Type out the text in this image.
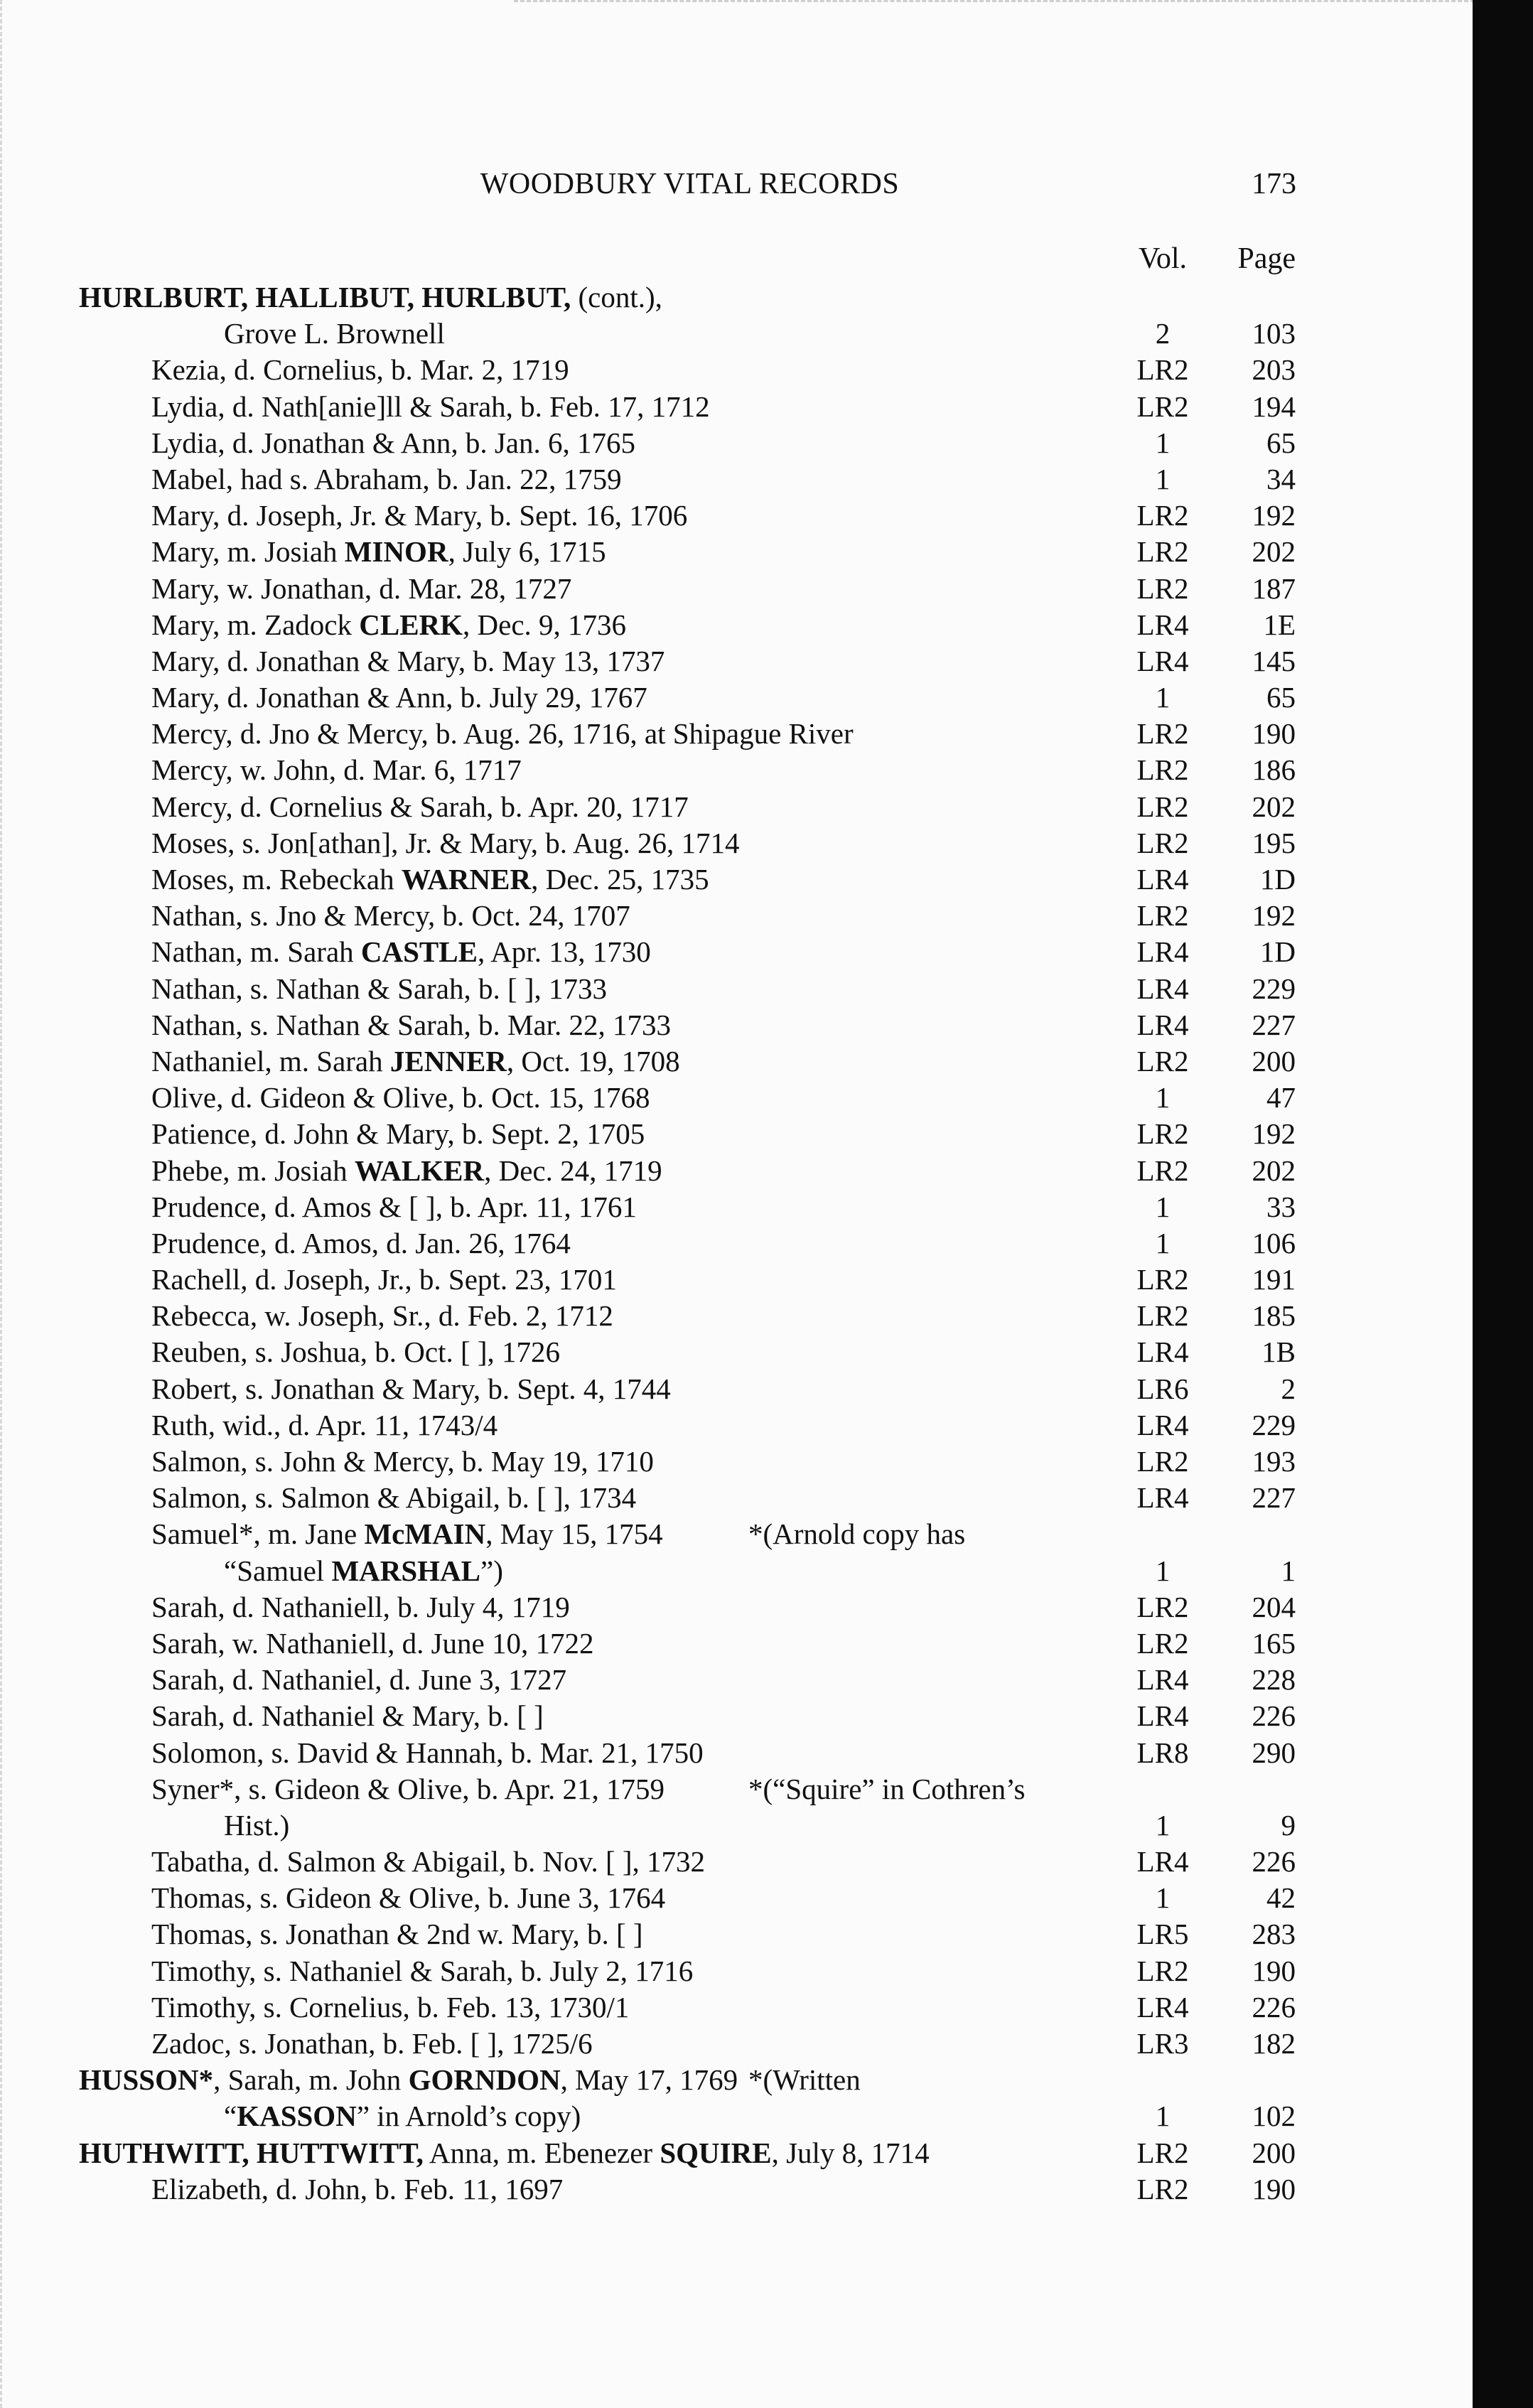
WOODBURY VITAL RECORDS	173
Vol.	Page
HURLBURT, HALLIBUT, HURLBUT, (cont.),
Grove L. Brownell	2	103
Kezia, d. Cornelius, b. Mar. 2, 1719	LR2	203
Lydia, d. Nath[anie]ll & Sarah, b. Feb. 17, 1712	LR2	194
Lydia, d. Jonathan & Ann, b. Jan. 6, 1765	1	65
Mabel, had s. Abraham, b. Jan. 22, 1759	1	34
Mary, d. Joseph, Jr. & Mary, b. Sept. 16, 1706	LR2	192
Mary, m. Josiah MINOR, July 6, 1715	LR2	202
Mary, w. Jonathan, d. Mar. 28, 1727	LR2	187
Mary, m. Zadock CLERK, Dec. 9, 1736	LR4	1E
Mary, d. Jonathan & Mary, b. May 13, 1737	LR4	145
Mary, d. Jonathan & Ann, b. July 29, 1767	1	65
Mercy, d. Jno & Mercy, b. Aug. 26, 1716, at Shipague River	LR2	190
Mercy, w. John, d. Mar. 6, 1717	LR2	186
Mercy, d. Cornelius & Sarah, b. Apr. 20, 1717	LR2	202
Moses, s. Jon[athan], Jr. & Mary, b. Aug. 26, 1714	LR2	195
Moses, m. Rebeckah WARNER, Dec. 25, 1735	LR4	1D
Nathan, s. Jno & Mercy, b. Oct. 24, 1707	LR2	192
Nathan, m. Sarah CASTLE, Apr. 13, 1730	LR4	1D
Nathan, s. Nathan & Sarah, b. [ ], 1733	LR4	229
Nathan, s. Nathan & Sarah, b. Mar. 22, 1733	LR4	227
Nathaniel, m. Sarah JENNER, Oct. 19, 1708	LR2	200
Olive, d. Gideon & Olive, b. Oct. 15, 1768	1	47
Patience, d. John & Mary, b. Sept. 2, 1705	LR2	192
Phebe, m. Josiah WALKER, Dec. 24, 1719	LR2	202
Prudence, d. Amos & [ ], b. Apr. 11, 1761	1	33
Prudence, d. Amos, d. Jan. 26, 1764	1	106
Rachell, d. Joseph, Jr., b. Sept. 23, 1701	LR2	191
Rebecca, w. Joseph, Sr., d. Feb. 2, 1712	LR2	185
Reuben, s. Joshua, b. Oct. [ ], 1726	LR4	1B
Robert, s. Jonathan & Mary, b. Sept. 4, 1744	LR6	2
Ruth, wid., d. Apr. 11, 1743/4	LR4	229
Salmon, s. John & Mercy, b. May 19, 1710	LR2	193
Salmon, s. Salmon & Abigail, b. [ ], 1734	LR4	227
Samuel*, m. Jane McMAIN, May 15, 1754	*(Arnold copy has
“Samuel MARSHAL”)	1	1
Sarah, d. Nathaniell, b. July 4, 1719	LR2	204
Sarah, w. Nathaniell, d. June 10, 1722	LR2	165
Sarah, d. Nathaniel, d. June 3, 1727	LR4	228
Sarah, d. Nathaniel & Mary, b. [ ]	LR4	226
Solomon, s. David & Hannah, b. Mar. 21, 1750	LR8	290
Syner*, s. Gideon & Olive, b. Apr. 21, 1759	*(“Squire” in Cothren’s
Hist.)	1	9
Tabatha, d. Salmon & Abigail, b. Nov. [ ], 1732	LR4	226
Thomas, s. Gideon & Olive, b. June 3, 1764	1	42
Thomas, s. Jonathan & 2nd w. Mary, b. [ ]	LR5	283
Timothy, s. Nathaniel & Sarah, b. July 2, 1716	LR2	190
Timothy, s. Cornelius, b. Feb. 13, 1730/1	LR4	226
Zadoc, s. Jonathan, b. Feb. [ ], 1725/6	LR3	182
HUSSON*, Sarah, m. John GORNDON, May 17, 1769 *(Written
“KASSON” in Arnold’s copy)	1	102
HUTHWITT, HUTTWITT, Anna, m. Ebenezer SQUIRE, July 8, 1714	LR2	200
Elizabeth, d. John, b. Feb. 11, 1697	LR2	190
